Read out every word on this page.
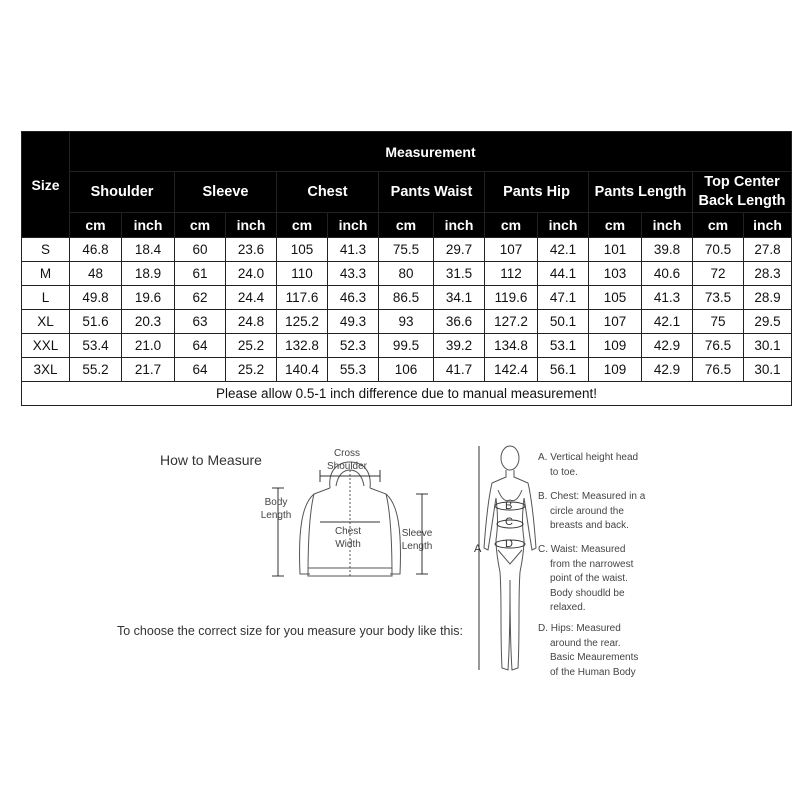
Size	Measurement													
	Shoulder		Sleeve		Chest		Pants Waist		Pants Hip		Pants Length		Top Center
Back Length	
	cm	inch	cm	inch	cm	inch	cm	inch	cm	inch	cm	inch	cm	inch
S	46.8	18.4	60	23.6	105	41.3	75.5	29.7	107	42.1	101	39.8	70.5	27.8
M	48	18.9	61	24.0	110	43.3	80	31.5	112	44.1	103	40.6	72	28.3
L	49.8	19.6	62	24.4	117.6	46.3	86.5	34.1	119.6	47.1	105	41.3	73.5	28.9
XL	51.6	20.3	63	24.8	125.2	49.3	93	36.6	127.2	50.1	107	42.1	75	29.5
XXL	53.4	21.0	64	25.2	132.8	52.3	99.5	39.2	134.8	53.1	109	42.9	76.5	30.1
3XL	55.2	21.7	64	25.2	140.4	55.3	106	41.7	142.4	56.1	109	42.9	76.5	30.1
Please allow 0.5-1 inch difference due to manual measurement!														
How to Measure	Cross
Shoulder
Body
Length
Chest
Width
Sleeve
Length
To choose the correct size for you measure your body like this:
A
B
C
D
A. Vertical height head
to toe.
B. Chest: Measured in a
circle around the
breasts and back.
C. Waist: Measured
from the narrowest
point of the waist.
Body shoudld be
relaxed.
D. Hips: Measured
around the rear.
Basic Meaurements
of the Human Body
